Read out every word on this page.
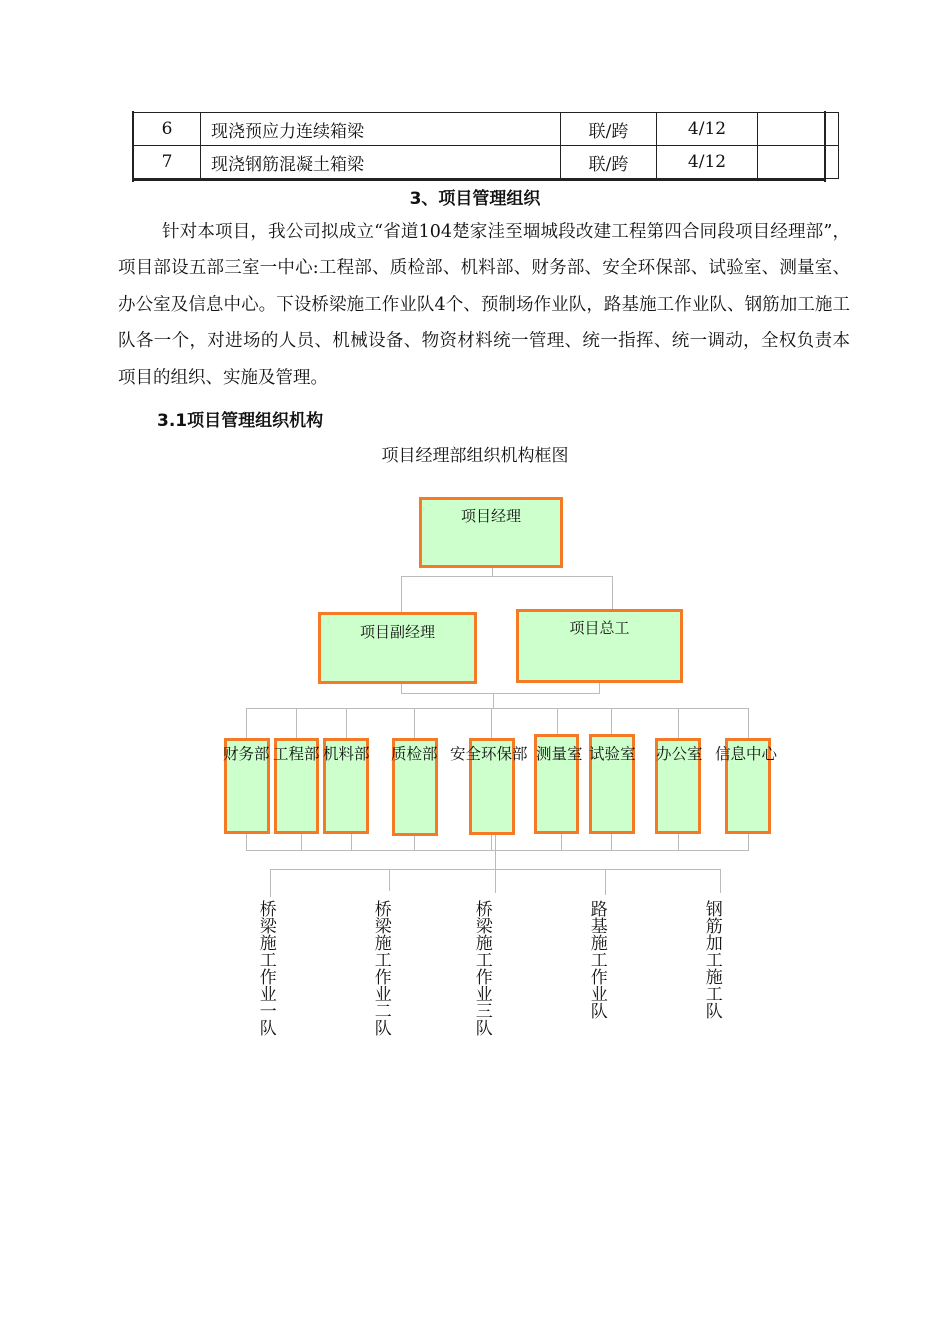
6	现浇预应力连续箱梁	联/跨	4/12	
7	现浇钢筋混凝土箱梁	联/跨	4/12	
3、项目管理组织

针对本项目，我公司拟成立“省道104楚家洼至堌城段改建工程第四合同段项目经理部”，项目部设五部三室一中心:工程部、质检部、机料部、财务部、安全环保部、试验室、测量室、办公室及信息中心。下设桥梁施工作业队4个、预制场作业队，路基施工作业队、钢筋加工施工队各一个，对进场的人员、机械设备、物资材料统一管理、统一指挥、统一调动，全权负责本项目的组织、实施及管理。

3.1项目管理组织机构
项目经理部组织机构框图
项目经理
项目副经理	项目总工
财务部 工程部 机料部 质检部 安全环保部 测量室 试验室 办公室 信息中心
桥梁施工作业一队	桥梁施工作业二队	桥梁施工作业三队	路基施工作业队	钢筋加工施工队
